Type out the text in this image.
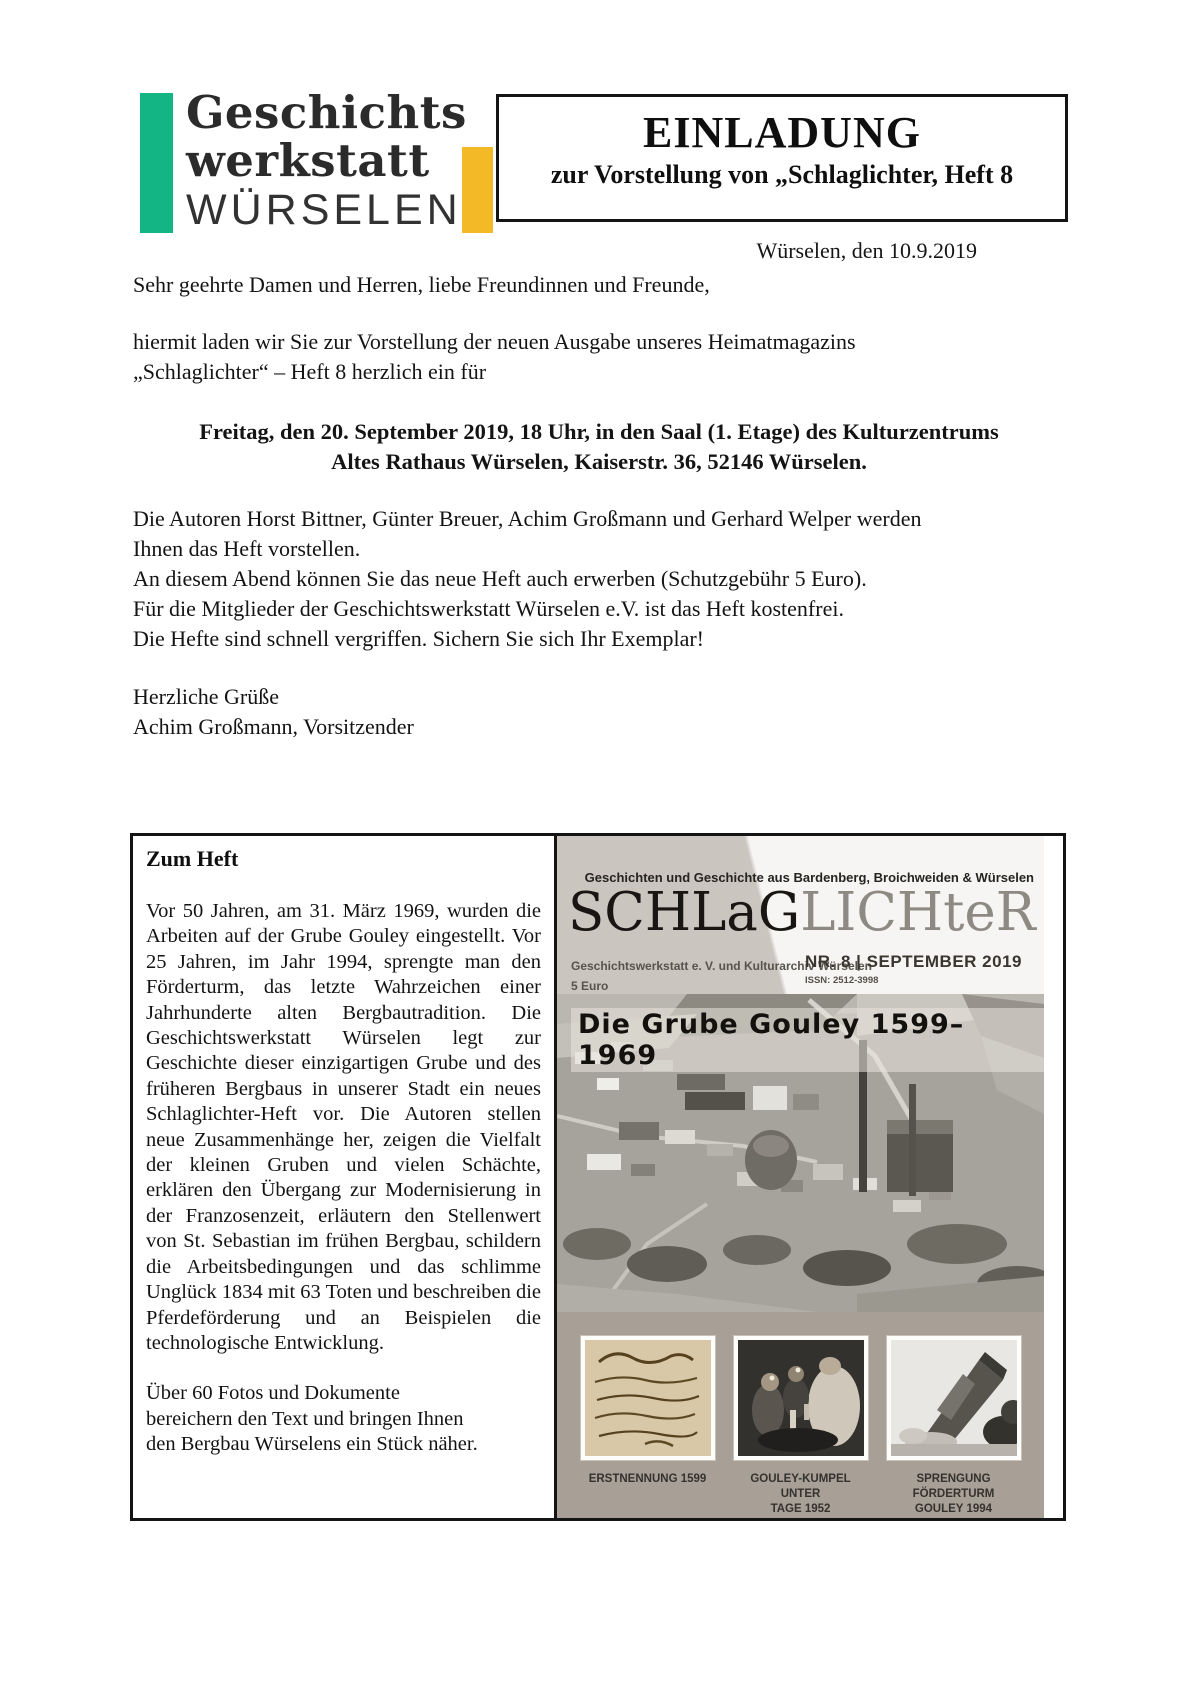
Geschichts
werkstatt
WÜRSELEN
EINLADUNG
zur Vorstellung von „Schlaglichter, Heft 8
Würselen, den 10.9.2019
Sehr geehrte Damen und Herren, liebe Freundinnen und Freunde,
hiermit laden wir Sie zur Vorstellung der neuen Ausgabe unseres Heimatmagazins
„Schlaglichter“ – Heft 8 herzlich ein für
Freitag, den 20. September 2019, 18 Uhr, in den Saal (1. Etage) des Kulturzentrums
Altes Rathaus Würselen, Kaiserstr. 36, 52146 Würselen.
Die Autoren Horst Bittner, Günter Breuer, Achim Großmann und Gerhard Welper werden
Ihnen das Heft vorstellen.
An diesem Abend können Sie das neue Heft auch erwerben (Schutzgebühr 5 Euro).
Für die Mitglieder der Geschichtswerkstatt Würselen e.V. ist das Heft kostenfrei.
Die Hefte sind schnell vergriffen. Sichern Sie sich Ihr Exemplar!
Herzliche Grüße
Achim Großmann, Vorsitzender
Zum Heft
Vor 50 Jahren, am 31. März 1969, wurden die Arbeiten auf der Grube Gouley eingestellt. Vor 25 Jahren, im Jahr 1994, sprengte man den Förderturm, das letzte Wahrzeichen einer Jahrhunderte alten Bergbautradition. Die Geschichtswerkstatt Würselen legt zur Geschichte dieser einzigartigen Grube und des früheren Bergbaus in unserer Stadt ein neues Schlaglichter-Heft vor. Die Autoren stellen neue Zusammenhänge her, zeigen die Vielfalt der kleinen Gruben und vielen Schächte, erklären den Übergang zur Modernisierung in der Franzosenzeit, erläutern den Stellenwert von St. Sebastian im frühen Bergbau, schildern die Arbeitsbedingungen und das schlimme Unglück 1834 mit 63 Toten und beschreiben die Pferdeförderung und an Beispielen die technologische Entwicklung.
Über 60 Fotos und Dokumente
bereichern den Text und bringen Ihnen
den Bergbau Würselens ein Stück näher.
Geschichten und Geschichte aus Bardenberg, Broichweiden & Würselen
SCHLaGLICHteR
Geschichtswerkstatt e. V. und Kulturarchiv Würselen
5 Euro
NR. 8 | SEPTEMBER 2019
ISSN: 2512-3998
Die Grube Gouley 1599–1969
ERSTNENNUNG 1599	GOULEY-KUMPEL UNTER
TAGE 1952
SPRENGUNG FÖRDERTURM
GOULEY 1994
